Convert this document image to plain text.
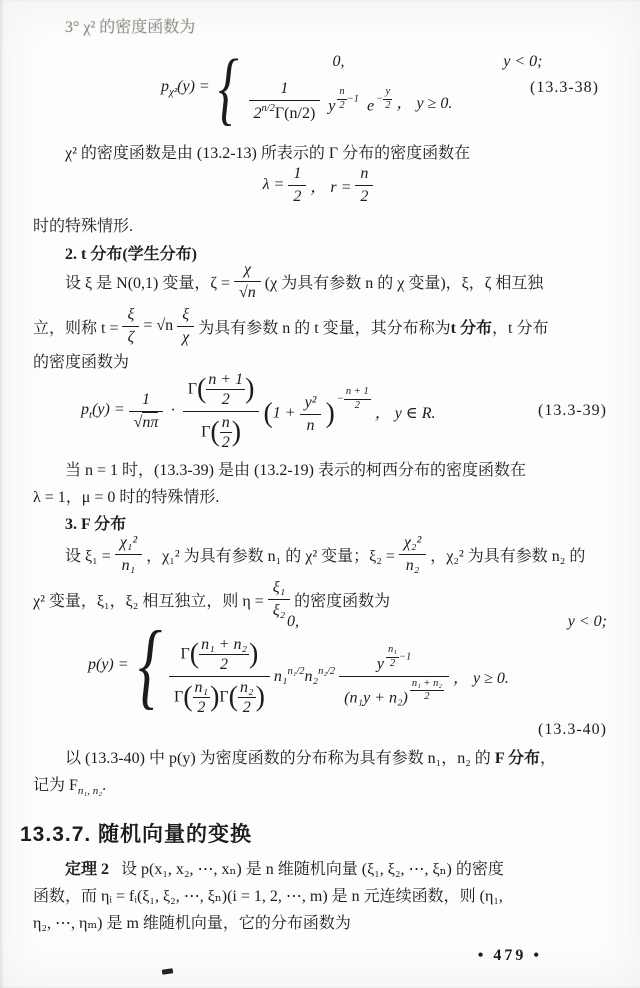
3° χ² 的密度函数为
$p_{\chi^2}(y)$ = {	0,	y < 0;
$\frac{1}{2^{n/2}\Gamma(n/2)}$ y $\frac{n}{2} -1$ $e - \frac{y}{2}$ ， y ≥ 0.
(13.3-38)
χ² 的密度函数是由 (13.2-13) 所表示的 Γ 分布的密度函数在
$\lambda = \frac{1}{2}$ ， $r = \frac{n}{2}$
时的特殊情形.
2. t 分布(学生分布)
设 ξ 是 N(0,1) 变量，$\zeta = \frac{\chi}{√n} (\chi$ 为具有参数 n 的 χ 变量)，ξ，ζ 相互独
立，则称 $t = \frac{\xi}{\zeta} = √n \frac{\xi}{\chi}$ 为具有参数 n 的 t 变量，其分布称为 t 分布 ，t 分布
的密度函数为
$p_t(y) = \frac{1}{√n\pi} \cdot \frac{\Gamma( \frac{n + 1}{2} )}{\Gamma( \frac{n}{2} )} (1 + \frac{\text{y²}}{n}$ ) − $\frac{n + 1}{2}$
， y ∈ R.	(13.3-39)
当 n = 1 时，(13.3-39) 是由 (13.2-19) 表示的柯西分布的密度函数在
λ = 1，μ = 0 时的特殊情形.
3. F 分布
设 $\xi_1 = \frac{\text{χ₁²}}{\text{n₁}}$ ，χ₁² 为具有参数 n₁ 的 χ² 变量；$\xi_2 = \frac{\text{χ₂²}}{\text{n₂}}$ ，χ₂² 为具有参数 n₂ 的
χ² 变量，ξ₁，ξ₂ 相互独立，则 $\eta = \frac{\text{ξ₁}}{\text{ξ₂}}$ 的密度函数为
p(y) = {	0,	y < 0;
$\frac{\Gamma( \frac{\text{n₁ + n₂}}{2} )}{\Gamma( \frac{\text{n₁}}{2} )\Gamma( \frac{\text{n₂}}{2} )} n_1^{n_1/2}n_2^{n_2/2} \frac{y \frac{\text{n₁}}{2} -1}{(n_1y + n_2) \frac{\text{n₁ + n₂}}{2}}$ ， y ≥ 0.
(13.3-40)
以 (13.3-40) 中 p(y) 为密度函数的分布称为具有参数 n₁，n₂ 的 F 分布，
记为 $F_{n_1, n_2}$.
13.3.7. 随机向量的变换
定理 2 设 p(x₁, x₂, ⋯, xₙ) 是 n 维随机向量 (ξ₁, ξ₂, ⋯, ξₙ) 的密度
函数，而 ηᵢ = fᵢ(ξ₁, ξ₂, ⋯, ξₙ)(i = 1, 2, ⋯, m) 是 n 元连续函数，则 (η₁,
η₂, ⋯, ηₘ) 是 m 维随机向量，它的分布函数为
• 479 •
